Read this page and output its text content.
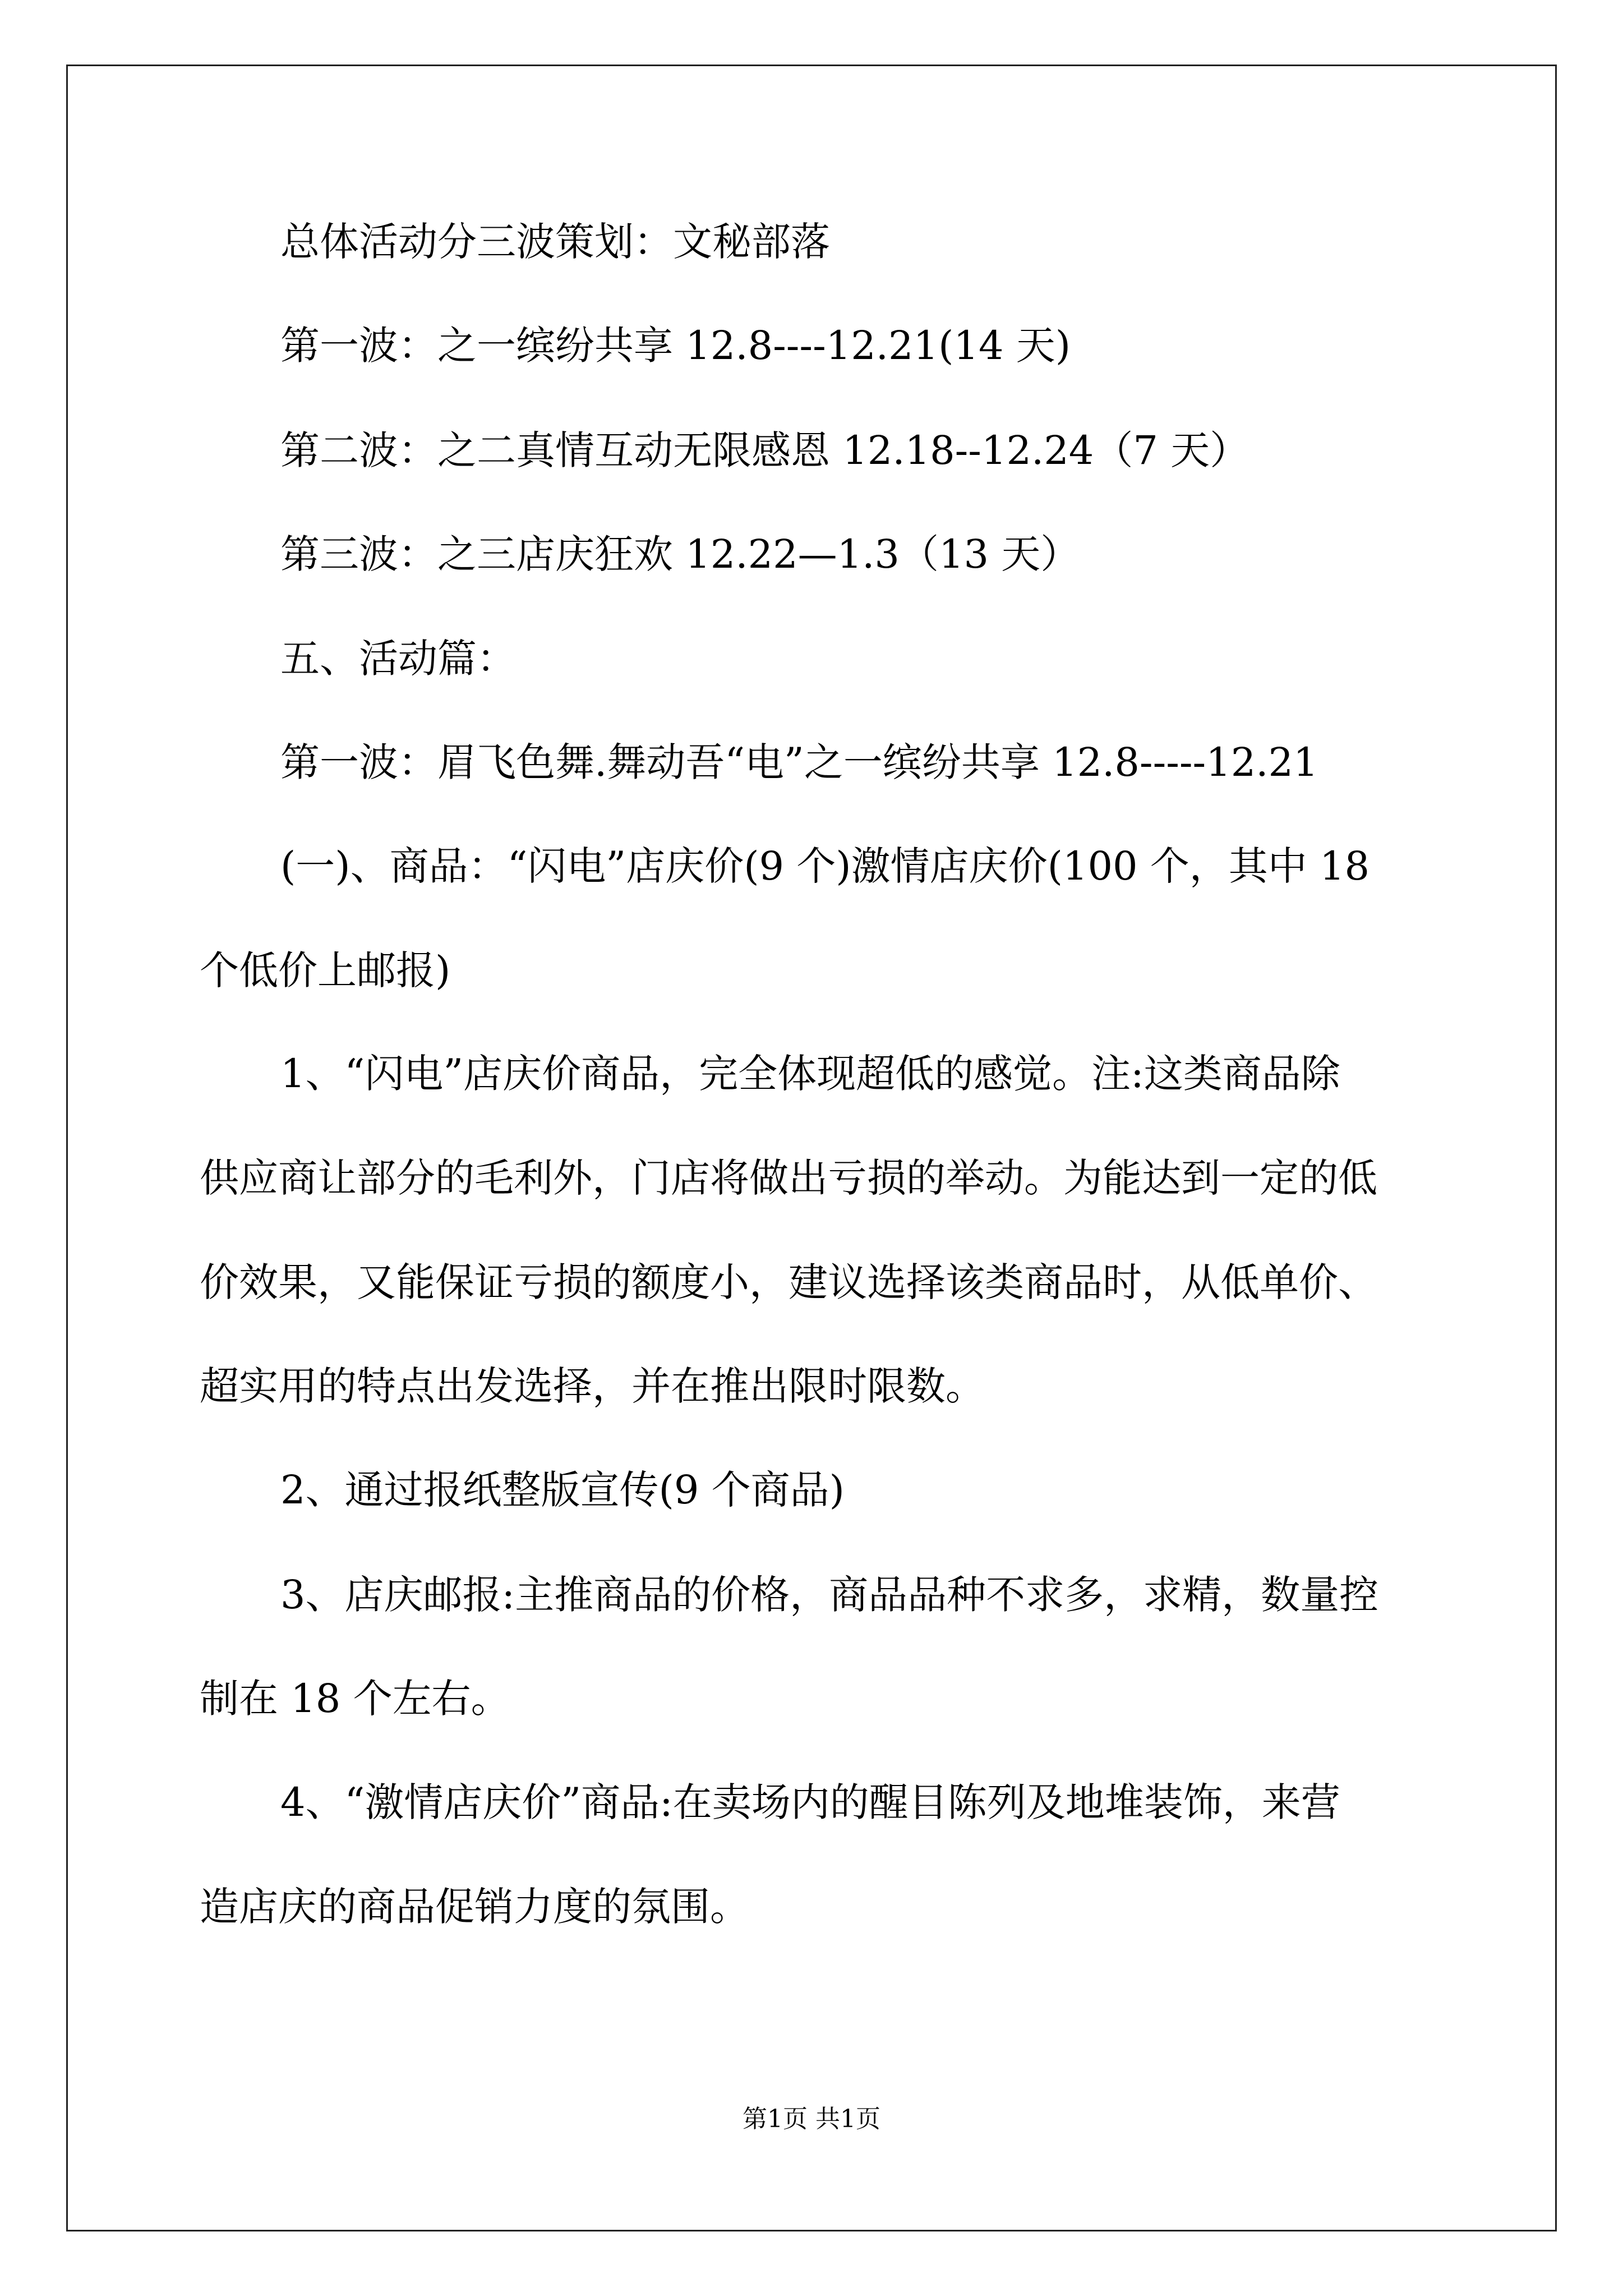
总体活动分三波策划：文秘部落
第一波：之一缤纷共享 12.8----12.21(14 天)
第二波：之二真情互动无限感恩 12.18--12.24（7 天）
第三波：之三店庆狂欢 12.22—1.3（13 天）
五、活动篇：
第一波：眉飞色舞.舞动吾“电”之一缤纷共享 12.8-----12.21
(一)、商品：“闪电”店庆价(9 个)激情店庆价(100 个，其中 18
个低价上邮报)
1、“闪电”店庆价商品，完全体现超低的感觉。注:这类商品除
供应商让部分的毛利外，门店将做出亏损的举动。为能达到一定的低
价效果，又能保证亏损的额度小，建议选择该类商品时，从低单价、
超实用的特点出发选择，并在推出限时限数。
2、通过报纸整版宣传(9 个商品)
3、店庆邮报:主推商品的价格，商品品种不求多，求精，数量控
制在 18 个左右。
4、“激情店庆价”商品:在卖场内的醒目陈列及地堆装饰，来营
造店庆的商品促销力度的氛围。
第1页 共1页
